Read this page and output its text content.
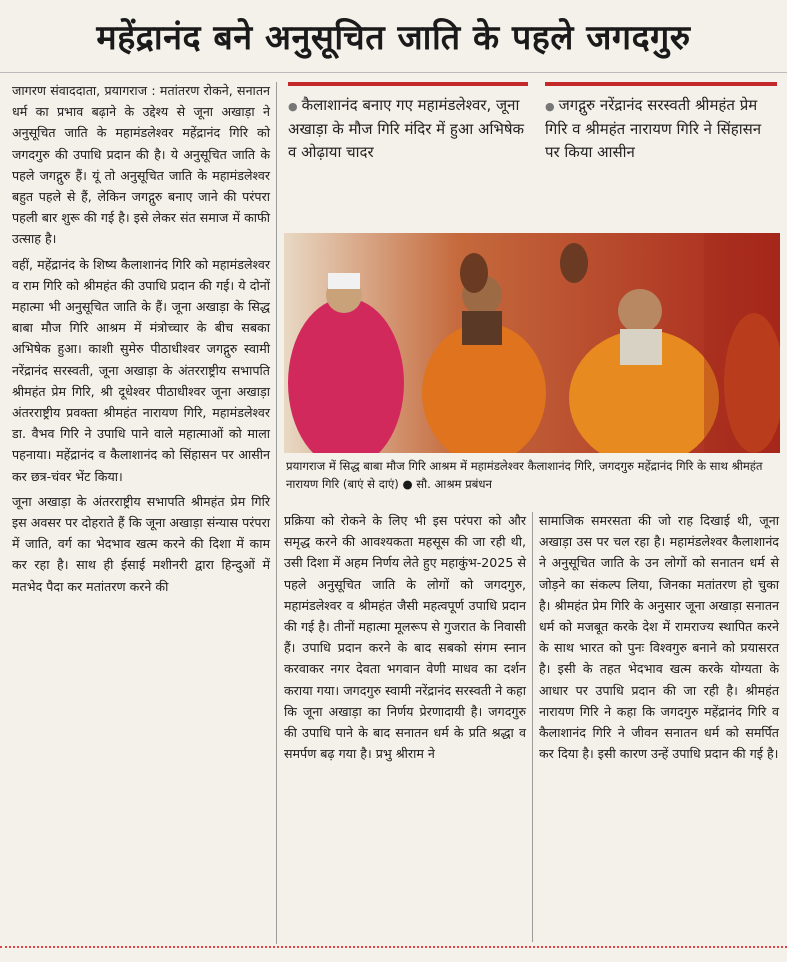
महेंद्रानंद बने अनुसूचित जाति के पहले जगदगुरु

जागरण संवाददाता, प्रयागराज : मतांतरण रोकने, सनातन धर्म का प्रभाव बढ़ाने के उद्देश्य से जूना अखाड़ा ने अनुसूचित जाति के महामंडलेश्वर महेंद्रानंद गिरि को जगदगुरु की उपाधि प्रदान की है। ये अनुसूचित जाति के पहले जगद्गुरु हैं। यूं तो अनुसूचित जाति के महामंडलेश्वर बहुत पहले से हैं, लेकिन जगद्गुरु बनाए जाने की परंपरा पहली बार शुरू की गई है। इसे लेकर संत समाज में काफी उत्साह है।

वहीं, महेंद्रानंद के शिष्य कैलाशानंद गिरि को महामंडलेश्वर व राम गिरि को श्रीमहंत की उपाधि प्रदान की गई। ये दोनों महात्मा भी अनुसूचित जाति के हैं। जूना अखाड़ा के सिद्ध बाबा मौज गिरि आश्रम में मंत्रोच्चार के बीच सबका अभिषेक हुआ। काशी सुमेरु पीठाधीश्वर जगद्गुरु स्वामी नरेंद्रानंद सरस्वती, जूना अखाड़ा के अंतरराष्ट्रीय सभापति श्रीमहंत प्रेम गिरि, श्री दूधेश्वर पीठाधीश्वर जूना अखाड़ा अंतरराष्ट्रीय प्रवक्ता श्रीमहंत नारायण गिरि, महामंडलेश्वर डा. वैभव गिरि ने उपाधि पाने वाले महात्माओं को माला पहनाया। महेंद्रानंद व कैलाशानंद को सिंहासन पर आसीन कर छत्र-चंवर भेंट किया।

जूना अखाड़ा के अंतरराष्ट्रीय सभापति श्रीमहंत प्रेम गिरि इस अवसर पर दोहराते हैं कि जूना अखाड़ा संन्यास परंपरा में जाति, वर्ग का भेदभाव खत्म करने की दिशा में काम कर रहा है। साथ ही ईसाई मशीनरी द्वारा हिन्दुओं में मतभेद पैदा कर मतांतरण करने की

● कैलाशानंद बनाए गए महामंडलेश्वर, जूना अखाड़ा के मौज गिरि मंदिर में हुआ अभिषेक व ओढ़ाया चादर
● जगद्गुरु नरेंद्रानंद सरस्वती श्रीमहंत प्रेम गिरि व श्रीमहंत नारायण गिरि ने सिंहासन पर किया आसीन
प्रयागराज में सिद्ध बाबा मौज गिरि आश्रम में महामंडलेश्वर कैलाशानंद गिरि, जगदगुरु महेंद्रानंद गिरि के साथ श्रीमहंत नारायण गिरि (बाएं से दाएं) ● सौ. आश्रम प्रबंधन

प्रक्रिया को रोकने के लिए भी इस परंपरा को और समृद्ध करने की आवश्यकता महसूस की जा रही थी, उसी दिशा में अहम निर्णय लेते हुए महाकुंभ-2025 से पहले अनुसूचित जाति के लोगों को जगदगुरु, महामंडलेश्वर व श्रीमहंत जैसी महत्वपूर्ण उपाधि प्रदान की गई है। तीनों महात्मा मूलरूप से गुजरात के निवासी हैं। उपाधि प्रदान करने के बाद सबको संगम स्नान करवाकर नगर देवता भगवान वेणी माधव का दर्शन कराया गया। जगदगुरु स्वामी नरेंद्रानंद सरस्वती ने कहा कि जूना अखाड़ा का निर्णय प्रेरणादायी है। जगदगुरु की उपाधि पाने के बाद सनातन धर्म के प्रति श्रद्धा व समर्पण बढ़ गया है। प्रभु श्रीराम ने

सामाजिक समरसता की जो राह दिखाई थी, जूना अखाड़ा उस पर चल रहा है। महामंडलेश्वर कैलाशानंद ने अनुसूचित जाति के उन लोगों को सनातन धर्म से जोड़ने का संकल्प लिया, जिनका मतांतरण हो चुका है। श्रीमहंत प्रेम गिरि के अनुसार जूना अखाड़ा सनातन धर्म को मजबूत करके देश में रामराज्य स्थापित करने के साथ भारत को पुनः विश्वगुरु बनाने को प्रयासरत है। इसी के तहत भेदभाव खत्म करके योग्यता के आधार पर उपाधि प्रदान की जा रही है। श्रीमहंत नारायण गिरि ने कहा कि जगदगुरु महेंद्रानंद गिरि व कैलाशानंद गिरि ने जीवन सनातन धर्म को समर्पित कर दिया है। इसी कारण उन्हें उपाधि प्रदान की गई है।
